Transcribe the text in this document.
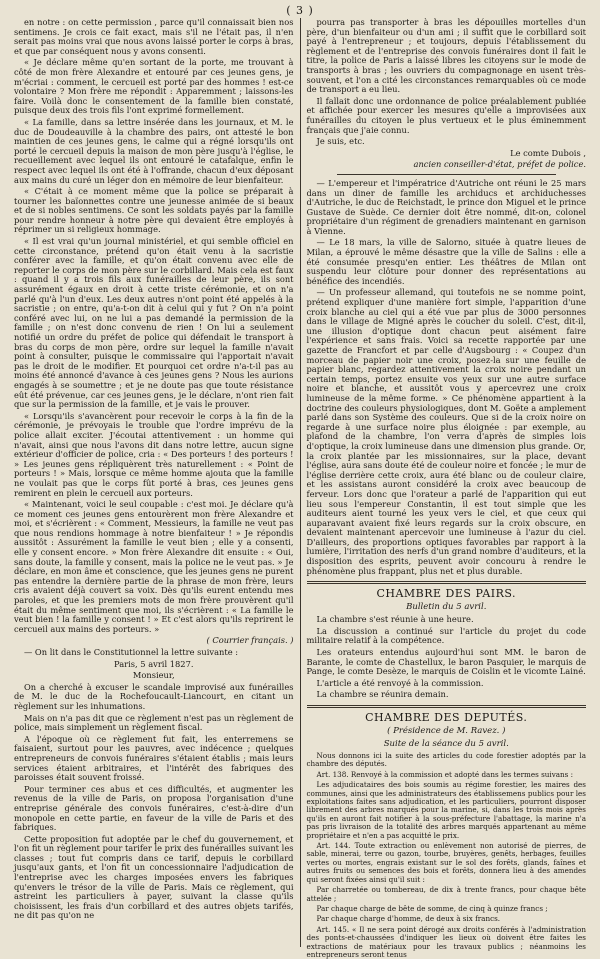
( 3 )

en notre : on cette permission , parce qu'il connaissait bien nos sentimens. Je crois ce fait exact, mais s'il ne l'était pas, il n'en serait pas moins vrai que nous avons laissé porter le corps à bras, et que par conséquent nous y avons consenti.

« Je déclare même qu'en sortant de la porte, me trouvant à côté de mon frère Alexandre et entouré par ces jeunes gens, je m'écriai : comment, le cercueil est porté par des hommes ! est-ce volontaire ? Mon frère me répondit : Apparemment ; laissons-les faire. Voilà donc le consentement de la famille bien constaté, puisque deux des trois fils l'ont exprimé formellement.

« La famille, dans sa lettre insérée dans les journaux, et M. le duc de Doudeauville à la chambre des pairs, ont attesté le bon maintien de ces jeunes gens, le calme qui a régné lorsqu'ils ont porté le cercueil depuis la maison de mon père jusqu'à l'église, le recueillement avec lequel ils ont entouré le catafalque, enfin le respect avec lequel ils ont été à l'offrande, chacun d'eux déposant aux mains du curé un léger don en mémoire de leur bienfaiteur.

« C'était à ce moment même que la police se préparait à tourner les baïonnettes contre une jeunesse animée de si beaux et de si nobles sentimens. Ce sont les soldats payés par la famille pour rendre honneur à notre père qui devaient être employés à réprimer un si religieux hommage.

« Il est vrai qu'un journal ministériel, et qui semble officiel en cette circonstance, prétend qu'on était venu à la sacristie conférer avec la famille, et qu'on était convenu avec elle de reporter le corps de mon père sur le corbillard. Mais cela est faux : quand il y a trois fils aux funérailles de leur père, ils sont assurément égaux en droit à cette triste cérémonie, et on n'a parlé qu'à l'un d'eux. Les deux autres n'ont point été appelés à la sacristie ; on entre, qu'a-t-on dit à celui qui y fut ? On n'a point conféré avec lui, on ne lui a pas demandé la permission de la famille ; on n'est donc convenu de rien ! On lui a seulement notifié un ordre du préfet de police qui défendait le transport à bras du corps de mon père, ordre sur lequel la famille n'avait point à consulter, puisque le commissaire qui l'apportait n'avait pas le droit de le modifier. Et pourquoi cet ordre n'a-t-il pas au moins été annoncé d'avance à ces jeunes gens ? Nous les aurions engagés à se soumettre ; et je ne doute pas que toute résistance eût été prévenue, car ces jeunes gens, je le déclare, n'ont rien fait que sur la permission de la famille, et je vais le prouver.

« Lorsqu'ils s'avancèrent pour recevoir le corps à la fin de la cérémonie, je prévoyais le trouble que l'ordre imprévu de la police allait exciter. J'écoutai attentivement : un homme qui n'avait, ainsi que nous l'avons dit dans notre lettre, aucun signe extérieur d'officier de police, cria : « Des porteurs ! des porteurs ! » Les jeunes gens répliquèrent très naturellement : « Point de porteurs ! » Mais, lorsque ce même homme ajouta que la famille ne voulait pas que le corps fût porté à bras, ces jeunes gens remirent en plein le cercueil aux porteurs.

« Maintenant, voici le seul coupable : c'est moi. Je déclare qu'à ce moment ces jeunes gens entourèrent mon frère Alexandre et moi, et s'écrièrent : « Comment, Messieurs, la famille ne veut pas que nous rendions hommage à notre bienfaiteur ! » Je répondis aussitôt : Assurément la famille le veut bien ; elle y a consenti, elle y consent encore. » Mon frère Alexandre dit ensuite : « Oui, sans doute, la famille y consent, mais la police ne le veut pas. » Je déclare, en mon âme et conscience, que les jeunes gens ne purent pas entendre la dernière partie de la phrase de mon frère, leurs cris avaient déjà couvert sa voix. Dès qu'ils eurent entendu mes paroles, et que les premiers mots de mon frère prouvèrent qu'il était du même sentiment que moi, ils s'écrièrent : « La famille le veut bien ! la famille y consent ! » Et c'est alors qu'ils reprirent le cercueil aux mains des porteurs. »

( Courrier français. )

— On lit dans le Constitutionnel la lettre suivante :

Paris, 5 avril 1827.

Monsieur,

On a cherché à excuser le scandale improvisé aux funérailles de M. le duc de la Rochefoucault-Liancourt, en citant un règlement sur les inhumations.

Mais on n'a pas dit que ce règlement n'est pas un règlement de police, mais simplement un règlement fiscal.

A l'époque où ce règlement fut fait, les enterremens se faisaient, surtout pour les pauvres, avec indécence ; quelques entrepreneurs de convois funéraires s'étaient établis ; mais leurs services étaient arbitraires, et l'intérêt des fabriques des paroisses était souvent froissé.

Pour terminer ces abus et ces difficultés, et augmenter les revenus de la ville de Paris, on proposa l'organisation d'une entreprise générale des convois funéraires, c'est-à-dire d'un monopole en cette partie, en faveur de la ville de Paris et des fabriques.

Cette proposition fut adoptée par le chef du gouvernement, et l'on fit un règlement pour tarifer le prix des funérailles suivant les classes ; tout fut compris dans ce tarif, depuis le corbillard jusqu'aux gants, et l'on fit un concessionnaire l'adjudication de l'entreprise avec les charges imposées envers les fabriques qu'envers le trésor de la ville de Paris. Mais ce règlement, qui astreint les particuliers à payer, suivant la classe qu'ils choisissent, les frais d'un corbillard et des autres objets tarifés, ne dit pas qu'on ne

pourra pas transporter à bras les dépouilles mortelles d'un père, d'un bienfaiteur ou d'un ami ; il suffit que le corbillard soit payé à l'entrepreneur ; et toujours, depuis l'établissement du règlement et de l'entreprise des convois funéraires dont il fait le titre, la police de Paris a laissé libres les citoyens sur le mode de transports à bras ; les ouvriers du compagnonage en usent très-souvent, et l'on a cité les circonstances remarquables où ce mode de transport a eu lieu.

Il fallait donc une ordonnance de police préalablement publiée et affichée pour exercer les mesures qu'elle a improvisées aux funérailles du citoyen le plus vertueux et le plus éminemment français que j'aie connu.

Je suis, etc.

Le comte Dubois ,

ancien conseiller-d'état, préfet de police.

— L'empereur et l'impératrice d'Autriche ont réuni le 25 mars dans un diner de famille les archiducs et archiduchesses d'Autriche, le duc de Reichstadt, le prince don Miguel et le prince Gustave de Suède. Ce dernier doit être nommé, dit-on, colonel propriétaire d'un régiment de grenadiers maintenant en garnison à Vienne.

— Le 18 mars, la ville de Salorno, située à quatre lieues de Milan, a éprouvé le même désastre que la ville de Salins : elle a été consumée presqu'en entier. Les théâtres de Milan ont suspendu leur clôture pour donner des représentations au bénéfice des incendiés.

— Un professeur allemand, qui toutefois ne se nomme point, prétend expliquer d'une manière fort simple, l'apparition d'une croix blanche au ciel qui a été vue par plus de 3000 personnes dans le village de Migné après le coucher du soleil. C'est, dit-il, une illusion d'optique dont chacun peut aisément faire l'expérience et sans frais. Voici sa recette rapportée par une gazette de Francfort et par celle d'Augsbourg : « Coupez d'un morceau de papier noir une croix, posez-la sur une feuille de papier blanc, regardez attentivement la croix noire pendant un certain temps, portez ensuite vos yeux sur une autre surface noire et blanche, et aussitôt vous y apercevrez une croix lumineuse de la même forme. » Ce phénomène appartient à la doctrine des couleurs physiologiques, dont M. Goëte a amplement parlé dans son Système des couleurs. Que si de la croix noire on regarde à une surface noire plus éloignée : par exemple, au plafond de la chambre, l'on verra d'après de simples lois d'optique, la croix lumineuse dans une dimension plus grande. Or, la croix plantée par les missionnaires, sur la place, devant l'église, aura sans doute été de couleur noire et foncée ; le mur de l'église derrière cette croix, aura été blanc ou de couleur claire, et les assistans auront considéré la croix avec beaucoup de ferveur. Lors donc que l'orateur a parlé de l'apparition qui eut lieu sous l'empereur Constantin, il est tout simple que les auditeurs aient tourné les yeux vers le ciel, et que ceux qui auparavant avaient fixé leurs regards sur la croix obscure, en devaient maintenant apercevoir une lumineuse à l'azur du ciel. D'ailleurs, des proportions optiques favorables par rapport à la lumière, l'irritation des nerfs d'un grand nombre d'auditeurs, et la disposition des esprits, peuvent avoir concouru à rendre le phénomène plus frappant, plus net et plus durable.

CHAMBRE DES PAIRS.
Bulletin du 5 avril.

La chambre s'est réunie à une heure.

La discussion a continué sur l'article du projet du code militaire relatif à la compétence.

Les orateurs entendus aujourd'hui sont MM. le baron de Barante, le comte de Chastellux, le baron Pasquier, le marquis de Pange, le comte Desèze, le marquis de Coislin et le vicomte Lainé.

L'article a été renvoyé à la commission.

La chambre se réunira demain.

CHAMBRE DES DEPUTÉS.
( Présidence de M. Ravez. )
Suite de la séance du 5 avril.

Nous donnons ici la suite des articles du code forestier adoptés par la chambre des députés.

Art. 138. Renvoyé à la commission et adopté dans les termes suivans :

Les adjudicataires des bois soumis au régime forestier, les maires des communes, ainsi que les administrateurs des établissemens publics pour les exploitations faites sans adjudication, et les particuliers, pourront disposer librement des arbres marqués pour la marine, si, dans les trois mois après qu'ils en auront fait notifier à la sous-préfecture l'abattage, la marine n'a pas pris livraison de la totalité des arbres marqués appartenant au même propriétaire et n'en a pas acquitté le prix.

Art. 144. Toute extraction ou enlèvement non autorisé de pierres, de sable, minerai, terre ou gazon, tourbe, bruyères, genêts, herbages, feuilles vertes ou mortes, engrais existant sur le sol des forêts, glands, faînes et autres fruits ou semences des bois et forêts, donnera lieu à des amendes qui seront fixées ainsi qu'il suit :

Par charretée ou tombereau, de dix à trente francs, pour chaque bête attelée ;

Par chaque charge de bête de somme, de cinq à quinze francs ;

Par chaque charge d'homme, de deux à six francs.

Art. 145. « Il ne sera point dérogé aux droits conférés à l'administration des ponts-et-chaussées d'indiquer les lieux où doivent être faites les extractions de matériaux pour les travaux publics ; néanmoins les entrepreneurs seront tenus
